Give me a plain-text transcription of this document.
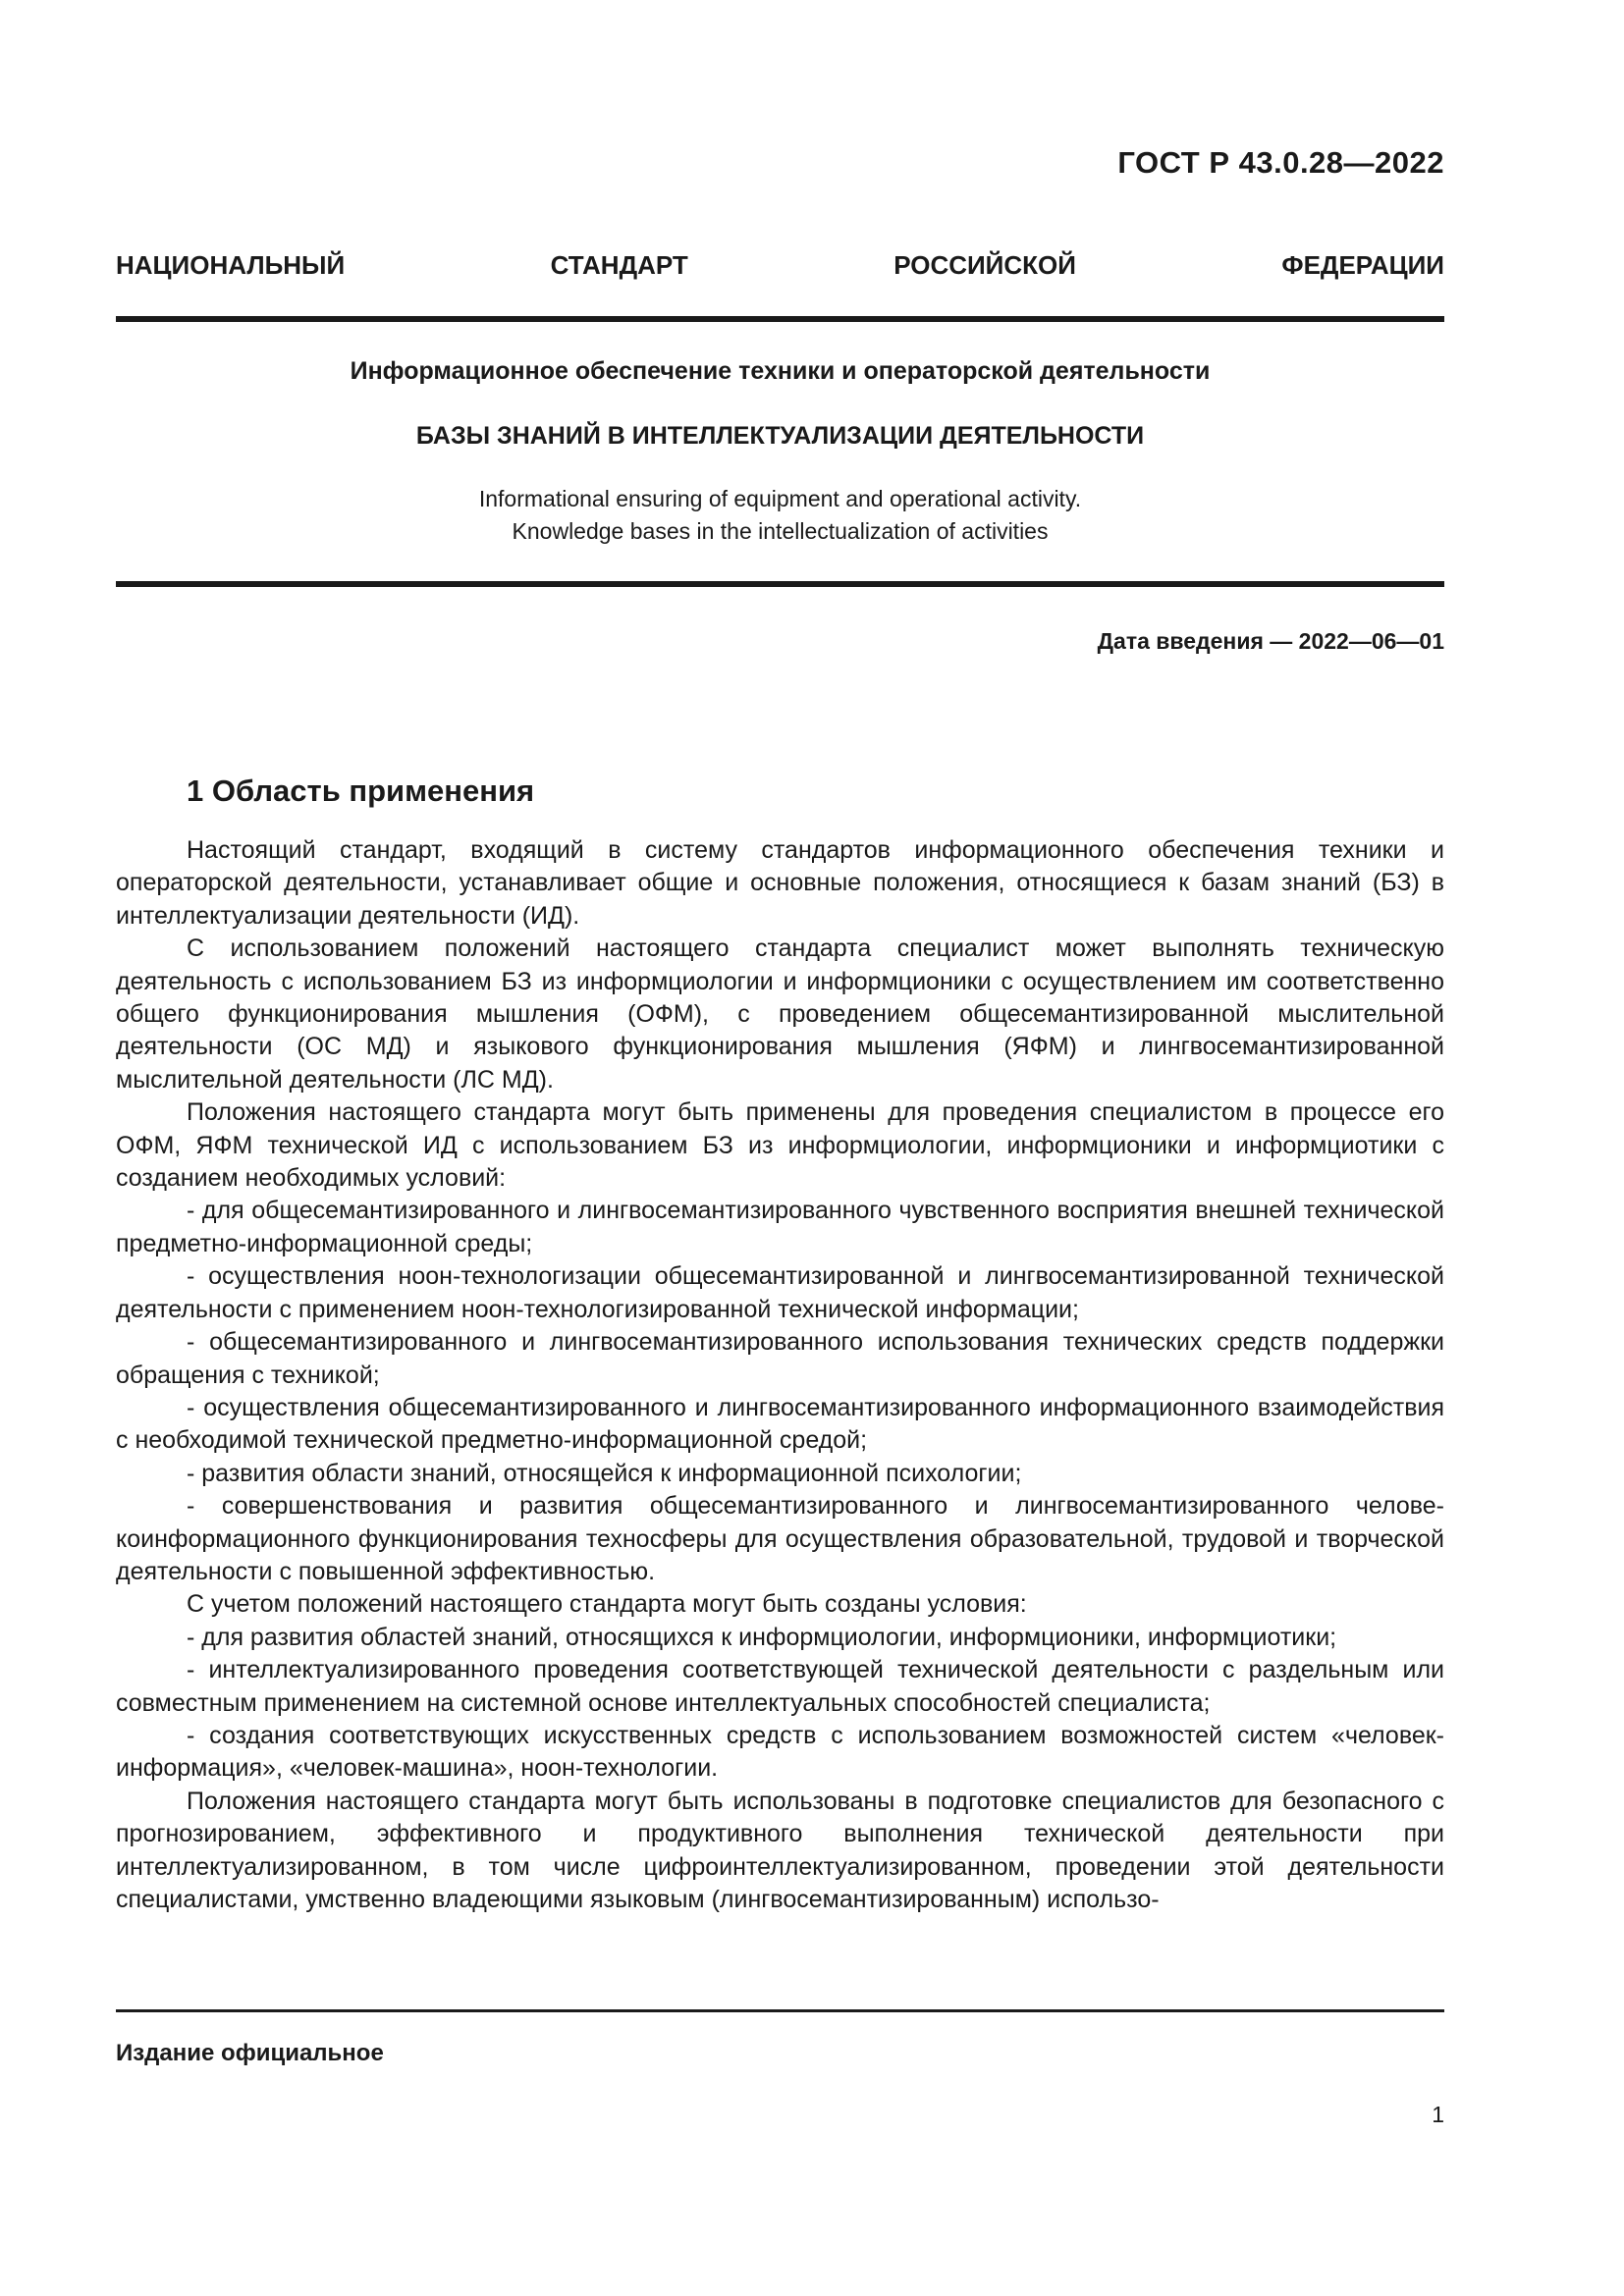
ГОСТ Р 43.0.28—2022
НАЦИОНАЛЬНЫЙ СТАНДАРТ РОССИЙСКОЙ ФЕДЕРАЦИИ
Информационное обеспечение техники и операторской деятельности
БАЗЫ ЗНАНИЙ В ИНТЕЛЛЕКТУАЛИЗАЦИИ ДЕЯТЕЛЬНОСТИ
Informational ensuring of equipment and operational activity.
Knowledge bases in the intellectualization of activities
Дата введения — 2022—06—01
1 Область применения

Настоящий стандарт, входящий в систему стандартов информационного обеспечения техники и операторской деятельности, устанавливает общие и основные положения, относящиеся к базам знаний (БЗ) в интеллектуализации деятельности (ИД).

С использованием положений настоящего стандарта специалист может выполнять техническую деятельность с использованием БЗ из информциологии и информционики с осуществлением им соответственно общего функционирования мышления (ОФМ), с проведением общесемантизированной мыслительной деятельности (ОС МД) и языкового функционирования мышления (ЯФМ) и лингвосемантизированной мыслительной деятельности (ЛС МД).

Положения настоящего стандарта могут быть применены для проведения специалистом в процессе его ОФМ, ЯФМ технической ИД с использованием БЗ из информциологии, информционики и информциотики с созданием необходимых условий:

- для общесемантизированного и лингвосемантизированного чувственного восприятия внешней технической предметно-информационной среды;

- осуществления ноон-технологизации общесемантизированной и лингвосемантизированной технической деятельности с применением ноон-технологизированной технической информации;

- общесемантизированного и лингвосемантизированного использования технических средств поддержки обращения с техникой;

- осуществления общесемантизированного и лингвосемантизированного информационного взаимодействия с необходимой технической предметно-информационной средой;

- развития области знаний, относящейся к информационной психологии;

- совершенствования и развития общесемантизированного и лингвосемантизированного человекоинформационного функционирования техносферы для осуществления образовательной, трудовой и творческой деятельности с повышенной эффективностью.

С учетом положений настоящего стандарта могут быть созданы условия:

- для развития областей знаний, относящихся к информциологии, информционики, информциотики;

- интеллектуализированного проведения соответствующей технической деятельности с раздельным или совместным применением на системной основе интеллектуальных способностей специалиста;

- создания соответствующих искусственных средств с использованием возможностей систем «человек-информация», «человек-машина», ноон-технологии.

Положения настоящего стандарта могут быть использованы в подготовке специалистов для безопасного с прогнозированием, эффективного и продуктивного выполнения технической деятельности при интеллектуализированном, в том числе цифроинтеллектуализированном, проведении этой деятельности специалистами, умственно владеющими языковым (лингвосемантизированным) использо-

Издание официальное
1
